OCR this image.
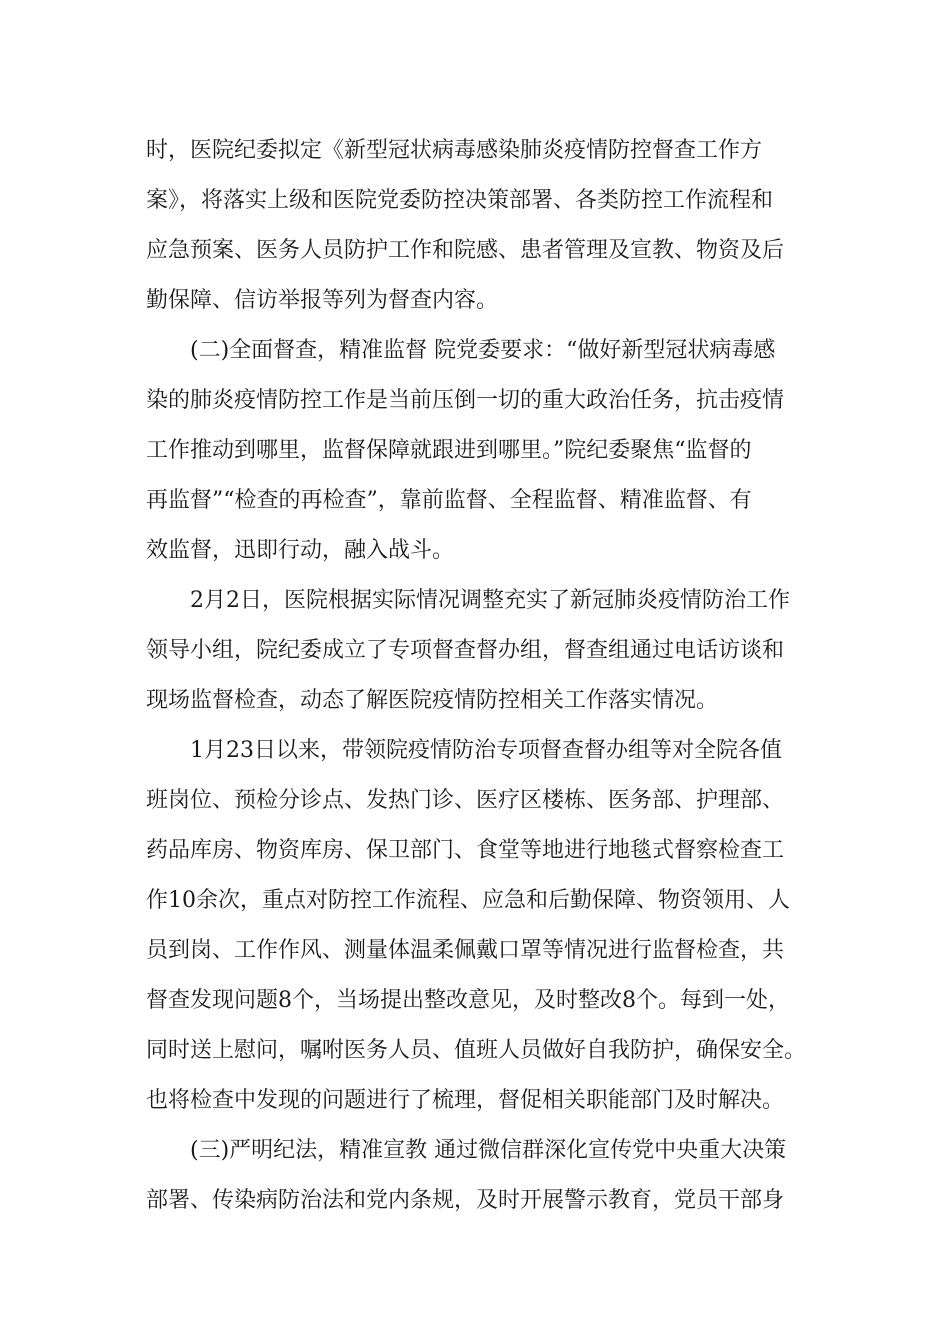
时，医院纪委拟定《新型冠状病毒感染肺炎疫情防控督查工作方
案》，将落实上级和医院党委防控决策部署、各类防控工作流程和
应急预案、医务人员防护工作和院感、患者管理及宣教、物资及后
勤保障、信访举报等列为督查内容。
(二)全面督查，精准监督 院党委要求：“做好新型冠状病毒感
染的肺炎疫情防控工作是当前压倒一切的重大政治任务，抗击疫情
工作推动到哪里，监督保障就跟进到哪里。”院纪委聚焦“监督的
再监督”“检查的再检查”，靠前监督、全程监督、精准监督、有
效监督，迅即行动，融入战斗。
2月2日，医院根据实际情况调整充实了新冠肺炎疫情防治工作
领导小组，院纪委成立了专项督查督办组，督查组通过电话访谈和
现场监督检查，动态了解医院疫情防控相关工作落实情况。
1月23日以来，带领院疫情防治专项督查督办组等对全院各值
班岗位、预检分诊点、发热门诊、医疗区楼栋、医务部、护理部、
药品库房、物资库房、保卫部门、食堂等地进行地毯式督察检查工
作10余次，重点对防控工作流程、应急和后勤保障、物资领用、人
员到岗、工作作风、测量体温柔佩戴口罩等情况进行监督检查，共
督查发现问题8个，当场提出整改意见，及时整改8个。每到一处，
同时送上慰问，嘱咐医务人员、值班人员做好自我防护，确保安全。
也将检查中发现的问题进行了梳理，督促相关职能部门及时解决。
(三)严明纪法，精准宣教 通过微信群深化宣传党中央重大决策
部署、传染病防治法和党内条规，及时开展警示教育，党员干部身
